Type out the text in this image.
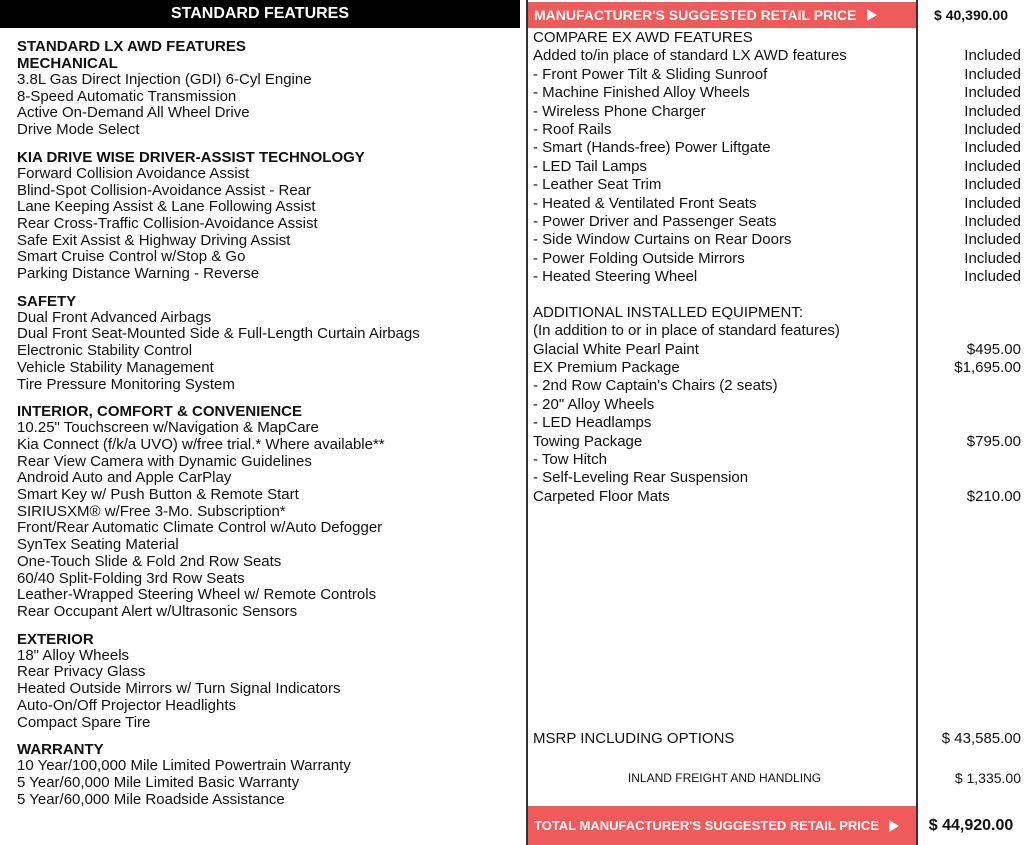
STANDARD FEATURES
STANDARD LX AWD FEATURES
MECHANICAL
3.8L Gas Direct Injection (GDI) 6-Cyl Engine
8-Speed Automatic Transmission
Active On-Demand All Wheel Drive
Drive Mode Select
KIA DRIVE WISE DRIVER-ASSIST TECHNOLOGY
Forward Collision Avoidance Assist
Blind-Spot Collision-Avoidance Assist - Rear
Lane Keeping Assist & Lane Following Assist
Rear Cross-Traffic Collision-Avoidance Assist
Safe Exit Assist & Highway Driving Assist
Smart Cruise Control w/Stop & Go
Parking Distance Warning - Reverse
SAFETY
Dual Front Advanced Airbags
Dual Front Seat-Mounted Side & Full-Length Curtain Airbags
Electronic Stability Control
Vehicle Stability Management
Tire Pressure Monitoring System
INTERIOR, COMFORT & CONVENIENCE
10.25" Touchscreen w/Navigation & MapCare
Kia Connect (f/k/a UVO) w/free trial.* Where available**
Rear View Camera with Dynamic Guidelines
Android Auto and Apple CarPlay
Smart Key w/ Push Button & Remote Start
SIRIUSXM® w/Free 3-Mo. Subscription*
Front/Rear Automatic Climate Control w/Auto Defogger
SynTex Seating Material
One-Touch Slide & Fold 2nd Row Seats
60/40 Split-Folding 3rd Row Seats
Leather-Wrapped Steering Wheel w/ Remote Controls
Rear Occupant Alert w/Ultrasonic Sensors
EXTERIOR
18" Alloy Wheels
Rear Privacy Glass
Heated Outside Mirrors w/ Turn Signal Indicators
Auto-On/Off Projector Headlights
Compact Spare Tire
WARRANTY
10 Year/100,000 Mile Limited Powertrain Warranty
5 Year/60,000 Mile Limited Basic Warranty
5 Year/60,000 Mile Roadside Assistance
MANUFACTURER'S SUGGESTED RETAIL PRICE	$ 40,390.00
COMPARE EX AWD FEATURES
Added to/in place of standard LX AWD features	Included
- Front Power Tilt & Sliding Sunroof	Included
- Machine Finished Alloy Wheels	Included
- Wireless Phone Charger	Included
- Roof Rails	Included
- Smart (Hands-free) Power Liftgate	Included
- LED Tail Lamps	Included
- Leather Seat Trim	Included
- Heated & Ventilated Front Seats	Included
- Power Driver and Passenger Seats	Included
- Side Window Curtains on Rear Doors	Included
- Power Folding Outside Mirrors	Included
- Heated Steering Wheel	Included
ADDITIONAL INSTALLED EQUIPMENT:
(In addition to or in place of standard features)
Glacial White Pearl Paint	$495.00
EX Premium Package	$1,695.00
- 2nd Row Captain's Chairs (2 seats)
- 20" Alloy Wheels
- LED Headlamps
Towing Package	$795.00
- Tow Hitch
- Self-Leveling Rear Suspension
Carpeted Floor Mats	$210.00
MSRP INCLUDING OPTIONS	$ 43,585.00
INLAND FREIGHT AND HANDLING	$ 1,335.00
TOTAL MANUFACTURER'S SUGGESTED RETAIL PRICE	$ 44,920.00
